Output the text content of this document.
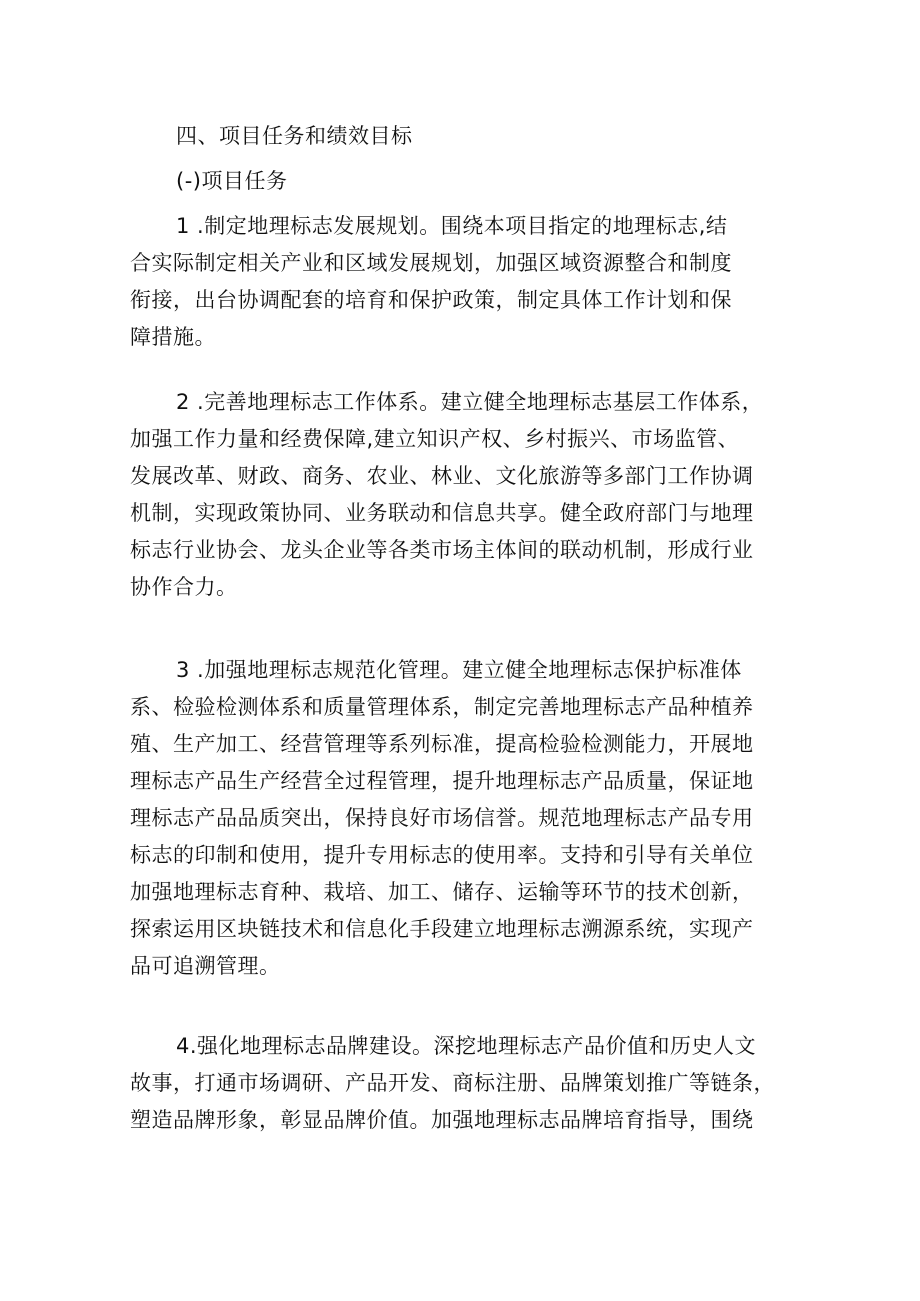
四、项目任务和绩效目标
(-)项目任务
1 .制定地理标志发展规划。围绕本项目指定的地理标志,结
合实际制定相关产业和区域发展规划，加强区域资源整合和制度
衔接，出台协调配套的培育和保护政策，制定具体工作计划和保
障措施。
2 .完善地理标志工作体系。建立健全地理标志基层工作体系，
加强工作力量和经费保障,建立知识产权、乡村振兴、市场监管、
发展改革、财政、商务、农业、林业、文化旅游等多部门工作协调
机制，实现政策协同、业务联动和信息共享。健全政府部门与地理
标志行业协会、龙头企业等各类市场主体间的联动机制，形成行业
协作合力。
3 .加强地理标志规范化管理。建立健全地理标志保护标准体
系、检验检测体系和质量管理体系，制定完善地理标志产品种植养
殖、生产加工、经营管理等系列标准，提高检验检测能力，开展地
理标志产品生产经营全过程管理，提升地理标志产品质量，保证地
理标志产品品质突出，保持良好市场信誉。规范地理标志产品专用
标志的印制和使用，提升专用标志的使用率。支持和引导有关单位
加强地理标志育种、栽培、加工、储存、运输等环节的技术创新，
探索运用区块链技术和信息化手段建立地理标志溯源系统，实现产
品可追溯管理。
4.强化地理标志品牌建设。深挖地理标志产品价值和历史人文
故事，打通市场调研、产品开发、商标注册、品牌策划推广等链条，
塑造品牌形象，彰显品牌价值。加强地理标志品牌培育指导，围绕
